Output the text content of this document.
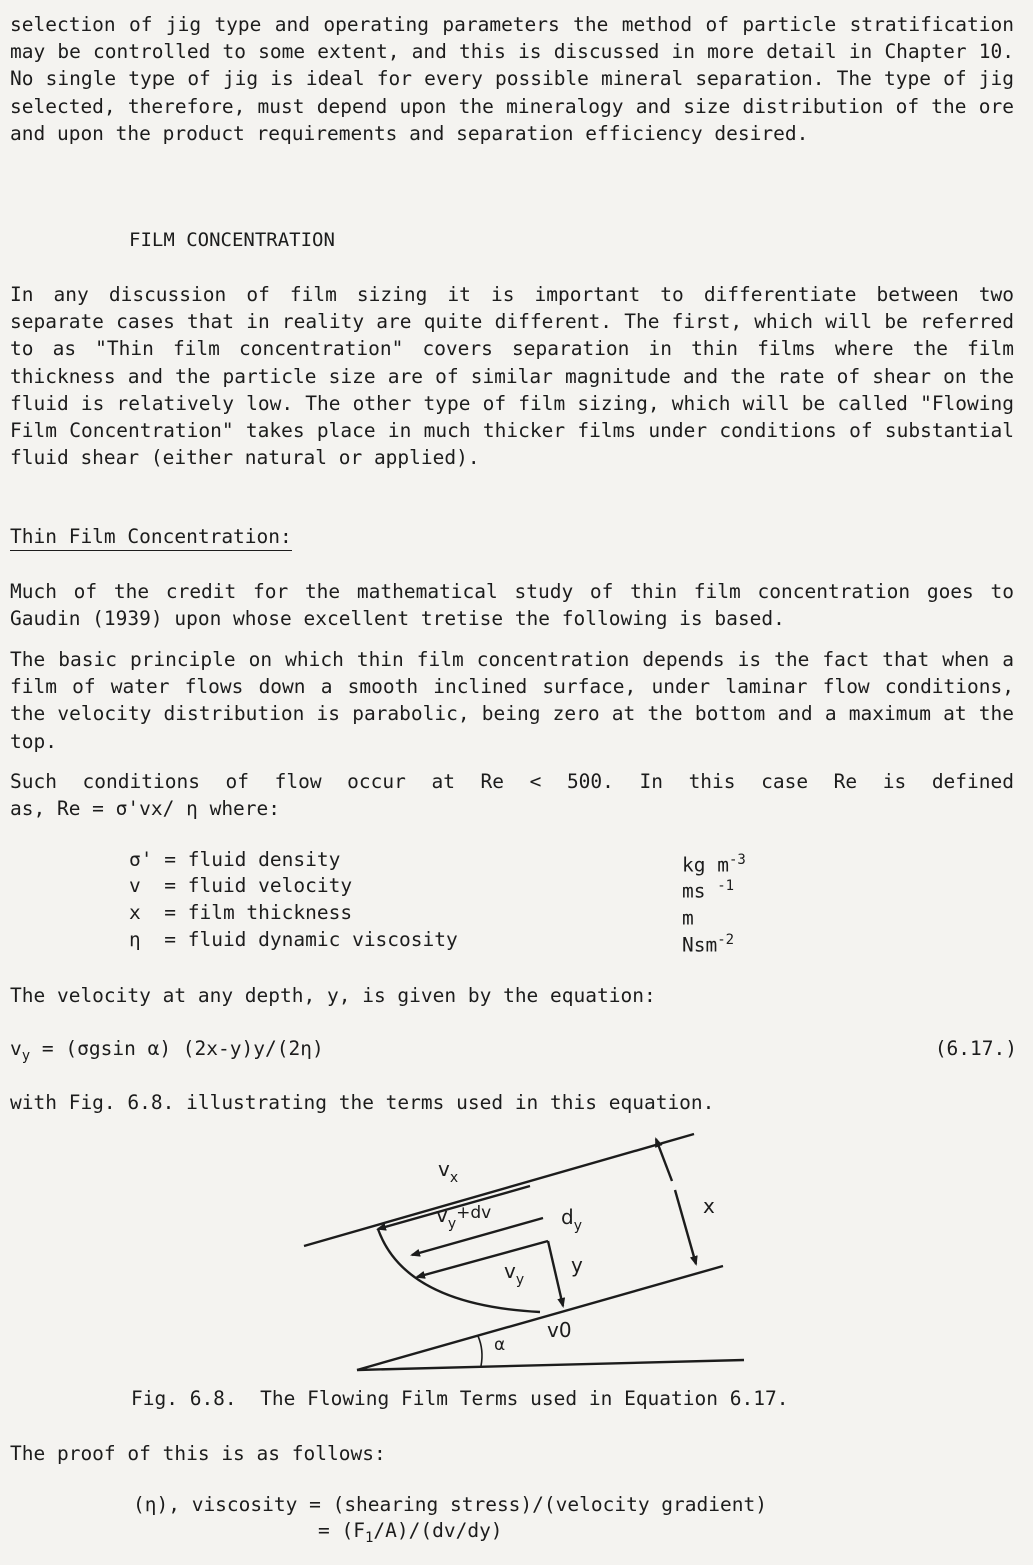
selection of jig type and operating parameters the method of particle stratification may be controlled to some extent, and this is discussed in more detail in Chapter 10. No single type of jig is ideal for every possible mineral separation. The type of jig selected, therefore, must depend upon the mineralogy and size distribution of the ore and upon the product requirements and separation efficiency desired.

FILM CONCENTRATION

In any discussion of film sizing it is important to differentiate between two separate cases that in reality are quite different. The first, which will be referred to as "Thin film concentration" covers separation in thin films where the film thickness and the particle size are of similar magnitude and the rate of shear on the fluid is relatively low. The other type of film sizing, which will be called "Flowing Film Concentration" takes place in much thicker films under conditions of substantial fluid shear (either natural or applied).

Thin Film Concentration:

Much of the credit for the mathematical study of thin film concentration goes to Gaudin (1939) upon whose excellent tretise the following is based.

The basic principle on which thin film concentration depends is the fact that when a film of water flows down a smooth inclined surface, under laminar flow conditions, the velocity distribution is parabolic, being zero at the bottom and a maximum at the top.

Such conditions of flow occur at Re < 500. In this case Re is defined

as, Re = σ'vx/ η where:

σ' = fluid density	kg $m^{-3}$
v  = fluid velocity	ms $^{-1}$
x  = film thickness	m
η  = fluid dynamic viscosity	Nsm$^{-2}$

The velocity at any depth, y, is given by the equation:

$v_y = (\sigma gsin$ α) (2x-y)y/(2η)	(6.17.)

with Fig. 6.8. illustrating the terms used in this equation.

$v_x$
$v_y^{+dv}$	$d_y$
x
$v_y$
y
v0
α
Fig. 6.8.  The Flowing Film Terms used in Equation 6.17.

The proof of this is as follows:

(η), viscosity = (shearing stress)/(velocity gradient)
= $(F_1/A)/(dv/dy)$
